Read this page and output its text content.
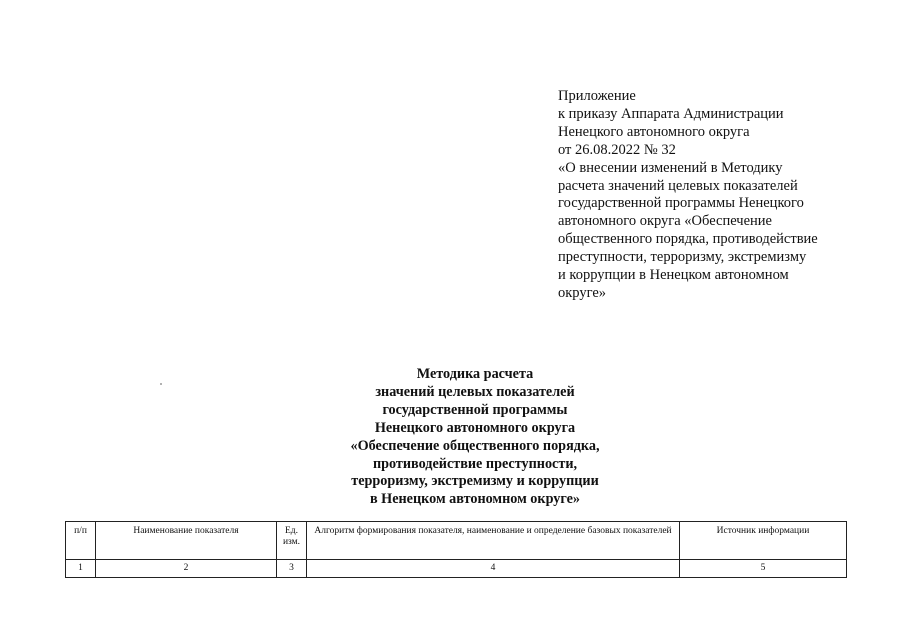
Приложение
к приказу Аппарата Администрации
Ненецкого автономного округа
от 26.08.2022 № 32
«О внесении изменений в Методику
расчета значений целевых показателей
государственной программы Ненецкого
автономного округа «Обеспечение
общественного порядка, противодействие
преступности, терроризму, экстремизму
и коррупции в Ненецком автономном
округе»
Методика расчета
значений целевых показателей
государственной программы
Ненецкого автономного округа
«Обеспечение общественного порядка,
противодействие преступности,
терроризму, экстремизму и коррупции
в Ненецком автономном округе»
п/п	Наименование показателя	Ед. изм.	Алгоритм формирования показателя, наименование и определение базовых показателей	Источник информации
1	2	3	4	5
